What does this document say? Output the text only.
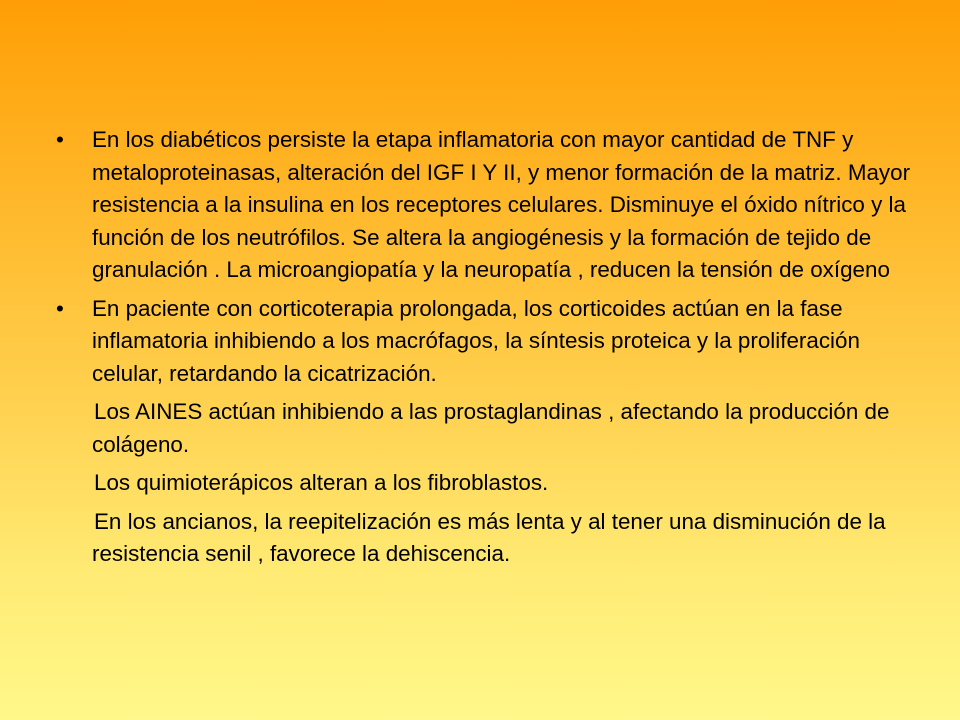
•	En los diabéticos persiste la etapa inflamatoria con mayor cantidad de TNF y metaloproteinasas, alteración del IGF I Y II, y menor formación de la matriz. Mayor resistencia a la insulina en los receptores celulares. Disminuye el óxido nítrico y la función de los neutrófilos. Se altera la angiogénesis y la formación de tejido de granulación . La microangiopatía y la neuropatía , reducen la tensión de oxígeno
•	En paciente con corticoterapia prolongada, los corticoides actúan en la fase inflamatoria inhibiendo a los macrófagos, la síntesis proteica y la proliferación celular, retardando la cicatrización.

Los AINES actúan inhibiendo a las prostaglandinas , afectando la producción de colágeno.

Los quimioterápicos alteran a los fibroblastos.

En los ancianos, la reepitelización es más lenta y al tener una disminución de la resistencia senil , favorece la dehiscencia.
